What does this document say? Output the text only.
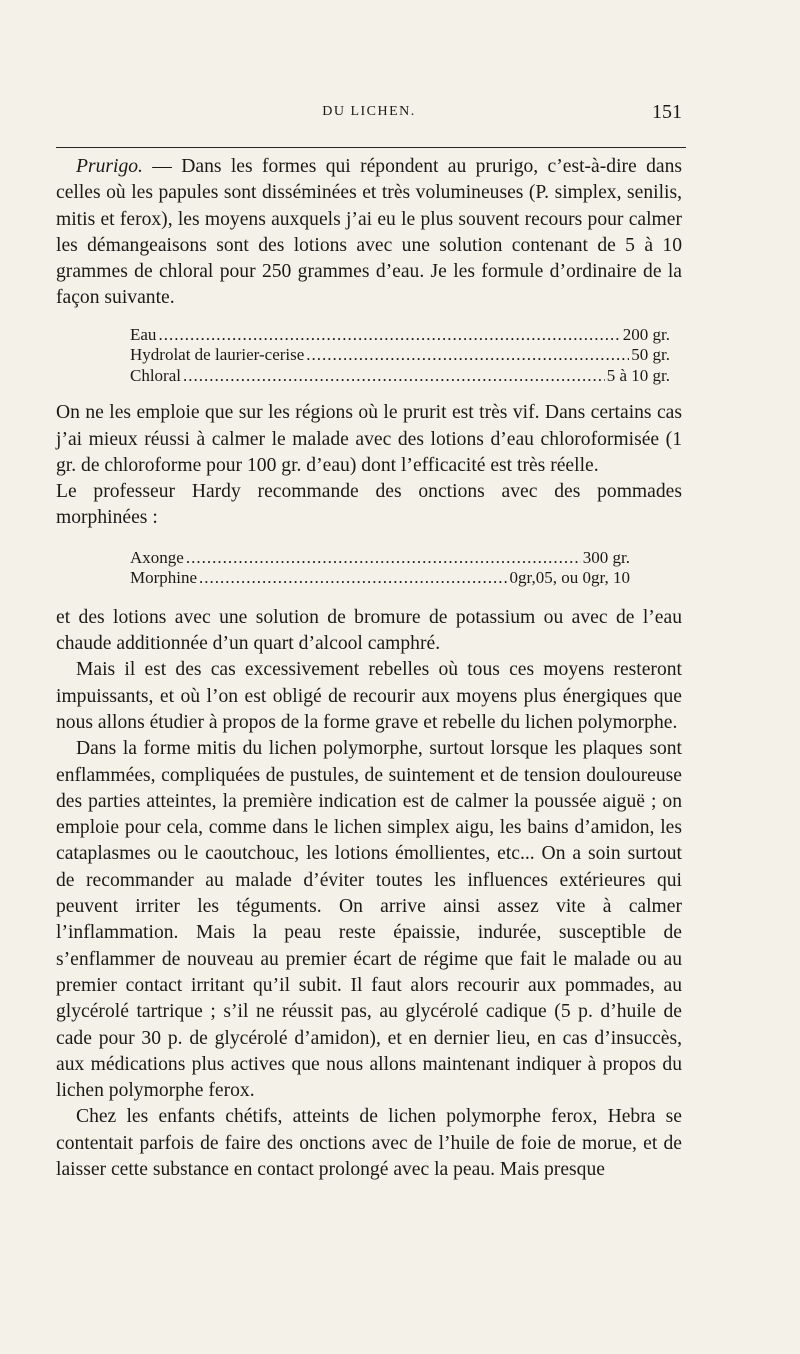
DU LICHEN.	151

Prurigo. — Dans les formes qui répondent au prurigo, c’est-à-dire dans celles où les papules sont disséminées et très volumineuses (P. simplex, senilis, mitis et ferox), les moyens auxquels j’ai eu le plus souvent recours pour calmer les démangeaisons sont des lotions avec une solution contenant de 5 à 10 grammes de chloral pour 250 grammes d’eau. Je les formule d’ordinaire de la façon suivante.

Eau .....	200 gr.
Hydrolat de laurier-cerise .....	50 gr.
Chloral .....	5 à 10 gr.

On ne les emploie que sur les régions où le prurit est très vif. Dans certains cas j’ai mieux réussi à calmer le malade avec des lotions d’eau chloroformisée (1 gr. de chloroforme pour 100 gr. d’eau) dont l’efficacité est très réelle.

Le professeur Hardy recommande des onctions avec des pommades morphinées :

Axonge .....	300 gr.
Morphine .....	0gr,05, ou 0gr, 10

et des lotions avec une solution de bromure de potassium ou avec de l’eau chaude additionnée d’un quart d’alcool camphré.

Mais il est des cas excessivement rebelles où tous ces moyens resteront impuissants, et où l’on est obligé de recourir aux moyens plus énergiques que nous allons étudier à propos de la forme grave et rebelle du lichen polymorphe.

Dans la forme mitis du lichen polymorphe, surtout lorsque les plaques sont enflammées, compliquées de pustules, de suintement et de tension douloureuse des parties atteintes, la première indication est de calmer la poussée aiguë ; on emploie pour cela, comme dans le lichen simplex aigu, les bains d’amidon, les cataplasmes ou le caoutchouc, les lotions émollientes, etc... On a soin surtout de recommander au malade d’éviter toutes les influences extérieures qui peuvent irriter les téguments. On arrive ainsi assez vite à calmer l’inflammation. Mais la peau reste épaissie, indurée, susceptible de s’enflammer de nouveau au premier écart de régime que fait le malade ou au premier contact irritant qu’il subit. Il faut alors recourir aux pommades, au glycérolé tartrique ; s’il ne réussit pas, au glycérolé cadique (5 p. d’huile de cade pour 30 p. de glycérolé d’amidon), et en dernier lieu, en cas d’insuccès, aux médications plus actives que nous allons maintenant indiquer à propos du lichen polymorphe ferox.

Chez les enfants chétifs, atteints de lichen polymorphe ferox, Hebra se contentait parfois de faire des onctions avec de l’huile de foie de morue, et de laisser cette substance en contact prolongé avec la peau. Mais presque
